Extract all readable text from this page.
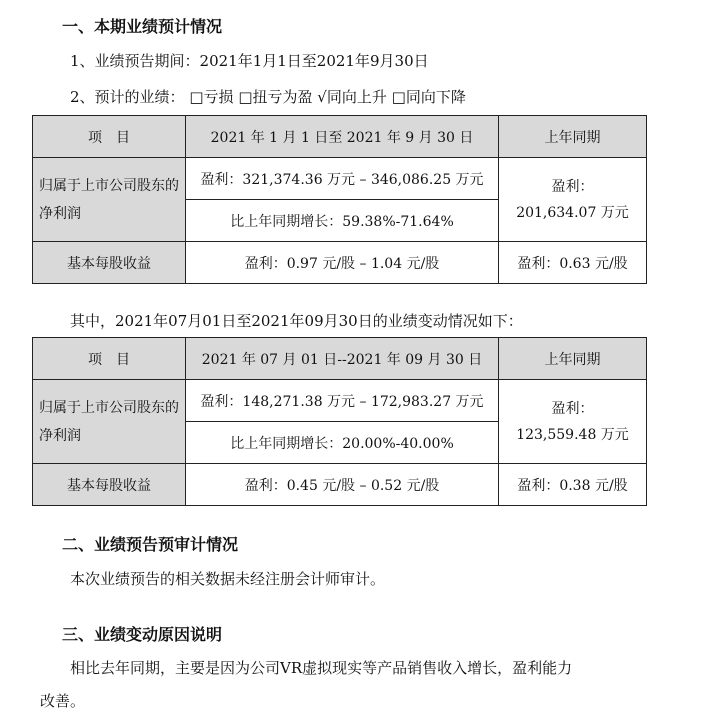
一、本期业绩预计情况
1、业绩预告期间：2021年1月1日至2021年9月30日
2、预计的业绩： □亏损 □扭亏为盈 √同向上升 □同向下降
项　目	2021 年 1 月 1 日至 2021 年 9 月 30 日	上年同期
归属于上市公司股东的净利润	盈利：321,374.36 万元 – 346,086.25 万元	盈利：
201,634.07 万元

	比上年同期增长：59.38%-71.64%	
基本每股收益	盈利：0.97 元/股 – 1.04 元/股	盈利：0.63 元/股
其中，2021年07月01日至2021年09月30日的业绩变动情况如下：
项　目	2021 年 07 月 01 日--2021 年 09 月 30 日	上年同期
归属于上市公司股东的净利润	盈利：148,271.38 万元 – 172,983.27 万元	盈利：
123,559.48 万元

	比上年同期增长：20.00%-40.00%	
基本每股收益	盈利：0.45 元/股 – 0.52 元/股	盈利：0.38 元/股
二、业绩预告预审计情况
本次业绩预告的相关数据未经注册会计师审计。
三、业绩变动原因说明
相比去年同期，主要是因为公司VR虚拟现实等产品销售收入增长，盈利能力
改善。
